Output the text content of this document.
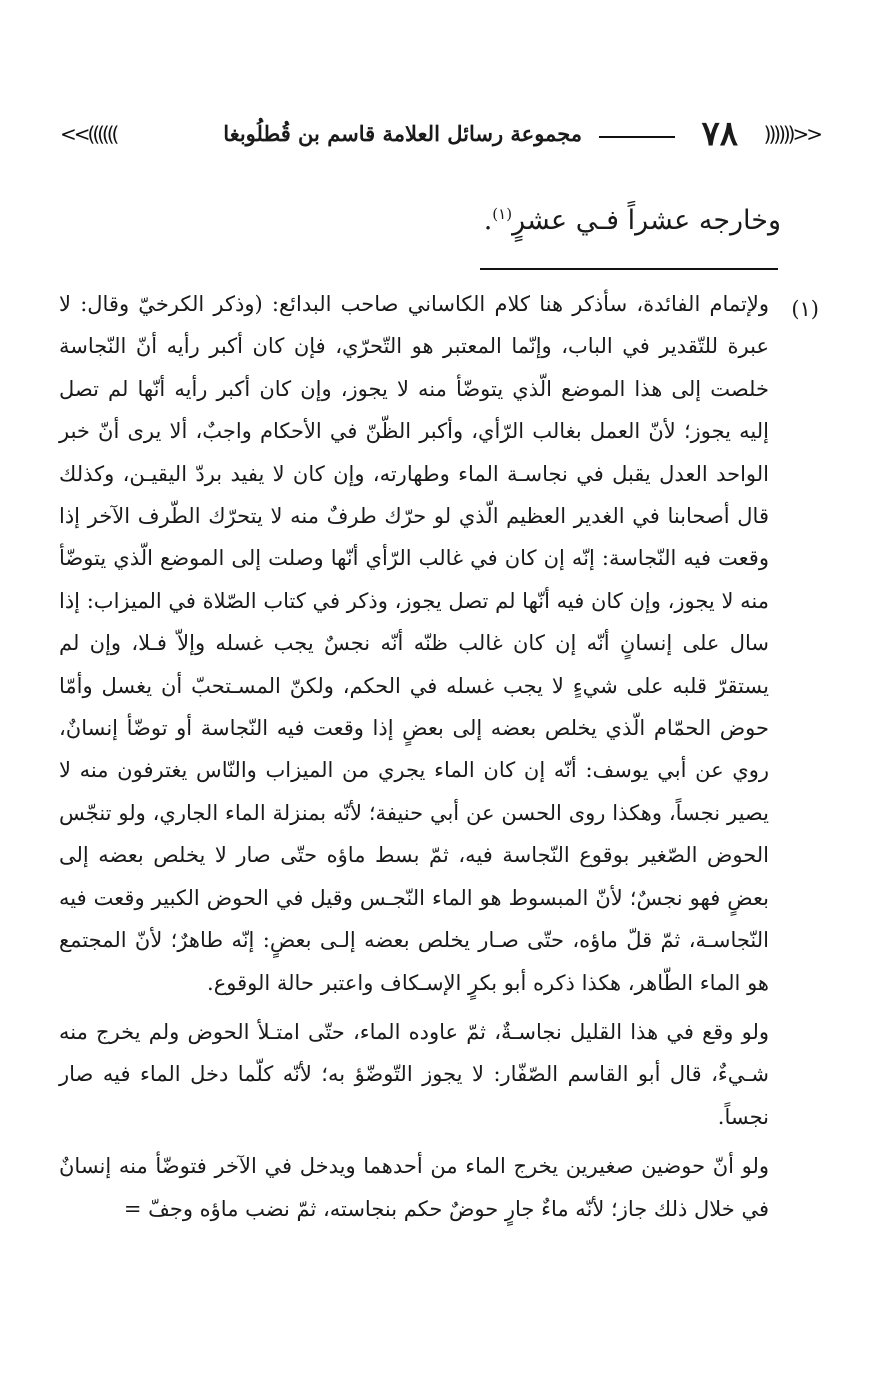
<<((((((
٧٨
مجموعة رسائل العلامة قاسم بن قُطلُوبغا
))))))>>
وخارجه عشراً فـي عشرٍ$^{(١)}$.
(١)

ولإتمام الفائدة، سأذكر هنا كلام الكاساني صاحب البدائع: (وذكر الكرخيّ وقال: لا عبرة للتّقدير في الباب، وإنّما المعتبر هو التّحرّي، فإن كان أكبر رأيه أنّ النّجاسة خلصت إلى هذا الموضع الّذي يتوضّأ منه لا يجوز، وإن كان أكبر رأيه أنّها لم تصل إليه يجوز؛ لأنّ العمل بغالب الرّأي، وأكبر الظّنّ في الأحكام واجبٌ، ألا يرى أنّ خبر الواحد العدل يقبل في نجاسـة الماء وطهارته، وإن كان لا يفيد بردّ اليقيـن، وكذلك قال أصحابنا في الغدير العظيم الّذي لو حرّك طرفٌ منه لا يتحرّك الطّرف الآخر إذا وقعت فيه النّجاسة: إنّه إن كان في غالب الرّأي أنّها وصلت إلى الموضع الّذي يتوضّأ منه لا يجوز، وإن كان فيه أنّها لم تصل يجوز، وذكر في كتاب الصّلاة في الميزاب: إذا سال على إنسانٍ أنّه إن كان غالب ظنّه أنّه نجسٌ يجب غسله وإلاّ فـلا، وإن لم يستقرّ قلبه على شيءٍ لا يجب غسله في الحكم، ولكنّ المسـتحبّ أن يغسل وأمّا حوض الحمّام الّذي يخلص بعضه إلى بعضٍ إذا وقعت فيه النّجاسة أو توضّأ إنسانٌ، روي عن أبي يوسف: أنّه إن كان الماء يجري من الميزاب والنّاس يغترفون منه لا يصير نجساً، وهكذا روى الحسن عن أبي حنيفة؛ لأنّه بمنزلة الماء الجاري، ولو تنجّس الحوض الصّغير بوقوع النّجاسة فيه، ثمّ بسط ماؤه حتّى صار لا يخلص بعضه إلى بعضٍ فهو نجسٌ؛ لأنّ المبسوط هو الماء النّجـس وقيل في الحوض الكبير وقعت فيه النّجاسـة، ثمّ قلّ ماؤه، حتّى صـار يخلص بعضه إلـى بعضٍ: إنّه طاهرٌ؛ لأنّ المجتمع هو الماء الطّاهر، هكذا ذكره أبو بكرٍ الإسـكاف واعتبر حالة الوقوع.

ولو وقع في هذا القليل نجاسـةٌ، ثمّ عاوده الماء، حتّى امتـلأ الحوض ولم يخرج منه شـيءٌ، قال أبو القاسم الصّفّار: لا يجوز التّوضّؤ به؛ لأنّه كلّما دخل الماء فيه صار نجساً.

ولو أنّ حوضين صغيرين يخرج الماء من أحدهما ويدخل في الآخر فتوضّأ منه إنسانٌ في خلال ذلك جاز؛ لأنّه ماءٌ جارٍ حوضٌ حكم بنجاسته، ثمّ نضب ماؤه وجفّ =
